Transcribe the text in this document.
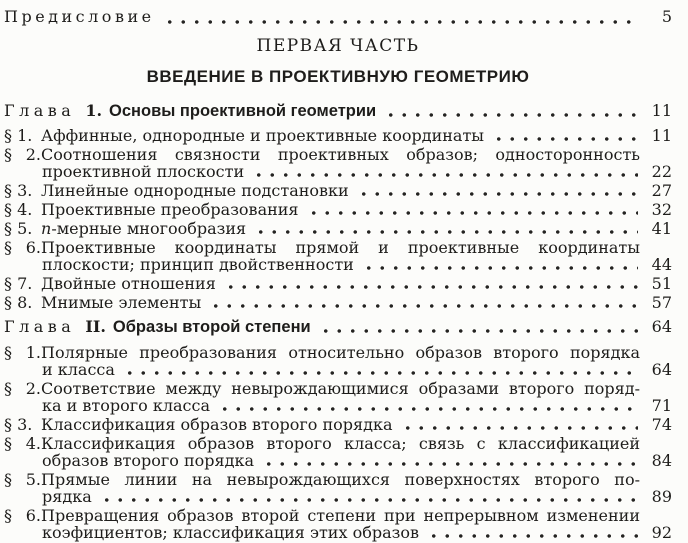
Предисловие	5
ПЕРВАЯ ЧАСТЬ
ВВЕДЕНИЕ В ПРОЕКТИВНУЮ ГЕОМЕТРИЮ
Глава 1. Основы проективной геометрии	11
§ 1. Аффинные, однородные и проективные координаты	11
§ 2.Соотношения связности проективных образов; односторонность
проективной плоскости	22
§ 3. Линейные однородные подстановки	27
§ 4. Проективные преобразования	32
§ 5. n-мерные многообразия	41
§ 6.Проективные координаты прямой и проективные координаты
плоскости; принцип двойственности	44
§ 7. Двойные отношения	51
§ 8. Мнимые элементы	57
Глава II. Образы второй степени	64
§ 1.Полярные преобразования относительно образов второго порядка
и класса	64
§ 2.Соответствие между невырождающимися образами второго поряд-
ка и второго класса	71
§ 3. Классификация образов второго порядка	74
§ 4.Классификация образов второго класса; связь с классификацией
образов второго порядка	84
§ 5.Прямые линии на невырождающихся поверхностях второго по-
рядка	89
§ 6.Превращения образов второй степени при непрерывном изменении
коэфициентов; классификация этих образов	92
